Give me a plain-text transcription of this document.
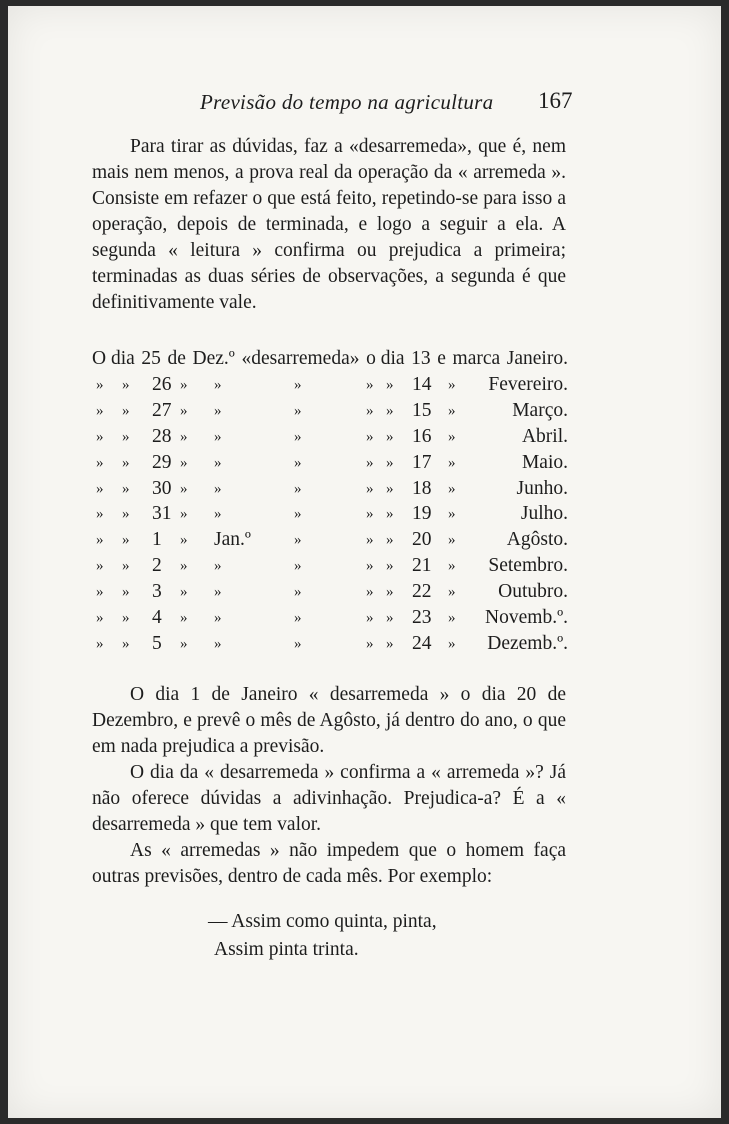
Previsão do tempo na agricultura 167

Para tirar as dúvidas, faz a «desarremeda», que é, nem mais nem menos, a prova real da operação da « arremeda ». Consiste em refazer o que está feito, repetindo-se para isso a operação, depois de terminada, e logo a seguir a ela. A segunda « leitura » confirma ou prejudica a primeira; terminadas as duas séries de observações, a segunda é que definitivamente vale.

O dia 25 de Dez.º «desarremeda» o dia 13 e marca Janeiro.
» » 26 » »	»	» » 14 » Fevereiro.
» » 27 » »	»	» » 15 »	Março.
» » 28 » »	»	» » 16 »	Abril.
» » 29 » »	»	» » 17 »	Maio.
» » 30 » »	»	» » 18 »	Junho.
» » 31 » »	»	» » 19 »	Julho.
» » 1 » Jan.º	»	» » 20 »	Agôsto.
» » 2 » »	»	» » 21 » Setembro.
» » 3 » »	»	» » 22 » Outubro.
» » 4 » »	»	» » 23 » Novemb.º.
» » 5 » »	»	» » 24 » Dezemb.º.

O dia 1 de Janeiro « desarremeda » o dia 20 de Dezembro, e prevê o mês de Agôsto, já dentro do ano, o que em nada prejudica a previsão.

O dia da « desarremeda » confirma a « arremeda »? Já não oferece dúvidas a adivinhação. Prejudica-a? É a « desarremeda » que tem valor.

As « arremedas » não impedem que o homem faça outras previsões, dentro de cada mês. Por exemplo:

— Assim como quinta, pinta,
Assim pinta trinta.
